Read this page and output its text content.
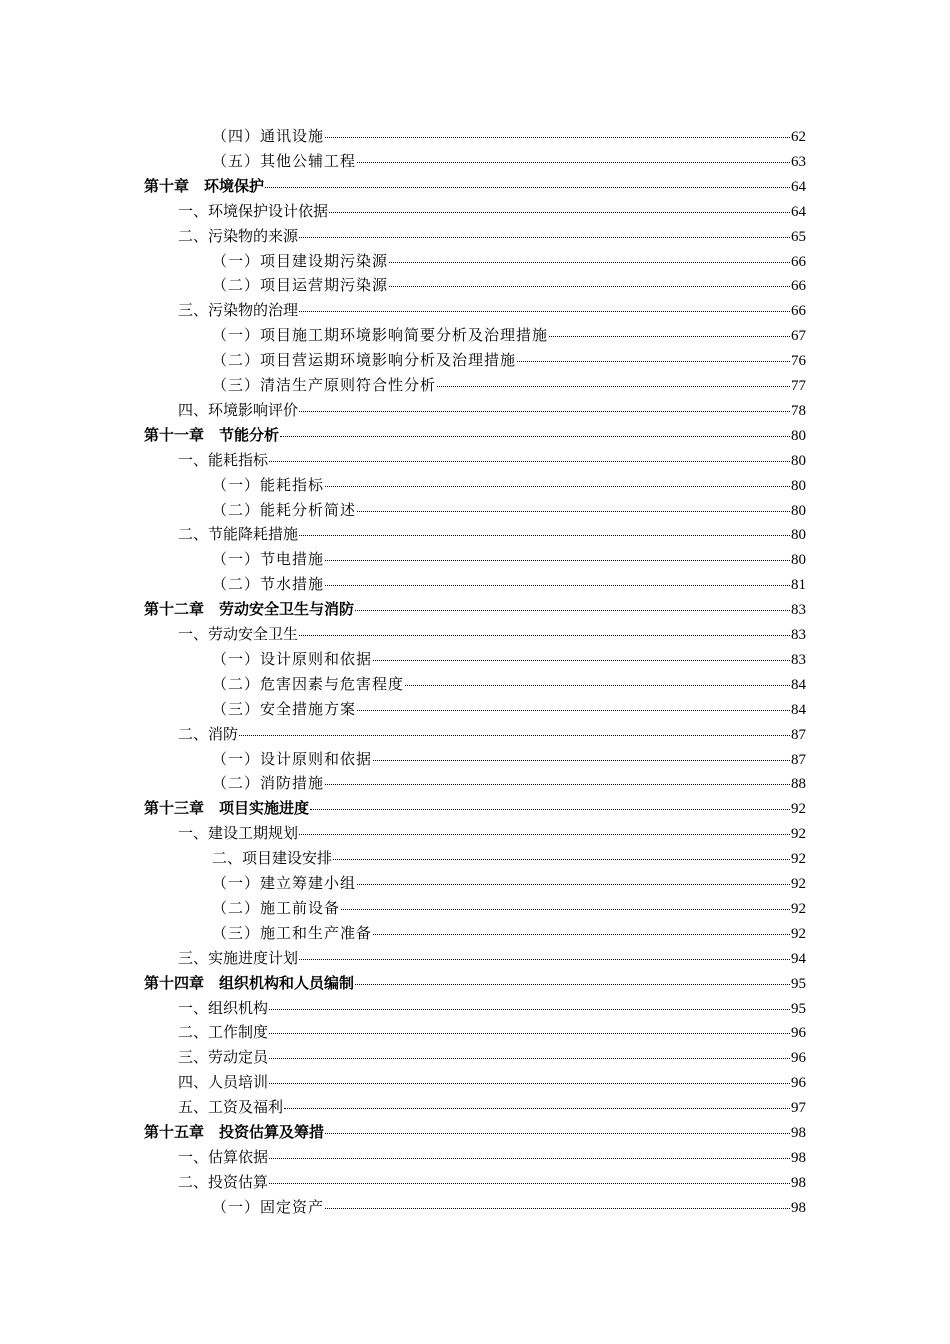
（四）通讯设施	62
（五）其他公辅工程	63
第十章　环境保护	64
一、环境保护设计依据	64
二、污染物的来源	65
（一）项目建设期污染源	66
（二）项目运营期污染源	66
三、污染物的治理	66
（一）项目施工期环境影响简要分析及治理措施	67
（二）项目营运期环境影响分析及治理措施	76
（三）清洁生产原则符合性分析	77
四、环境影响评价	78
第十一章　节能分析	80
一、能耗指标	80
（一）能耗指标	80
（二）能耗分析简述	80
二、节能降耗措施	80
（一）节电措施	80
（二）节水措施	81
第十二章　劳动安全卫生与消防	83
一、劳动安全卫生	83
（一）设计原则和依据	83
（二）危害因素与危害程度	84
（三）安全措施方案	84
二、消防	87
（一）设计原则和依据	87
（二）消防措施	88
第十三章　项目实施进度	92
一、建设工期规划	92
二、项目建设安排	92
（一）建立筹建小组	92
（二）施工前设备	92
（三）施工和生产准备	92
三、实施进度计划	94
第十四章　组织机构和人员编制	95
一、组织机构	95
二、工作制度	96
三、劳动定员	96
四、人员培训	96
五、工资及福利	97
第十五章　投资估算及筹措	98
一、估算依据	98
二、投资估算	98
（一）固定资产	98
